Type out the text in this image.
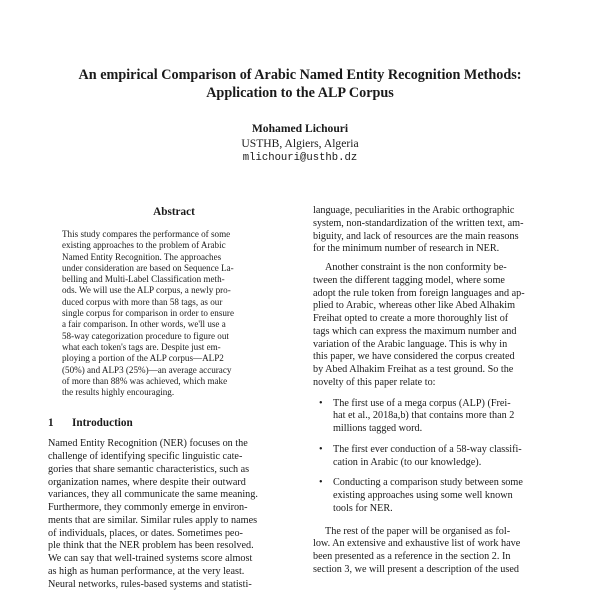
An empirical Comparison of Arabic Named Entity Recognition Methods:
Application to the ALP Corpus
Mohamed Lichouri
USTHB, Algiers, Algeria
mlichouri@usthb.dz
Abstract
This study compares the performance of some
existing approaches to the problem of Arabic
Named Entity Recognition. The approaches
under consideration are based on Sequence La-
belling and Multi-Label Classification meth-
ods. We will use the ALP corpus, a newly pro-
duced corpus with more than 58 tags, as our
single corpus for comparison in order to ensure
a fair comparison. In other words, we'll use a
58-way categorization procedure to figure out
what each token's tags are. Despite just em-
ploying a portion of the ALP corpus—ALP2
(50%) and ALP3 (25%)—an average accuracy
of more than 88% was achieved, which make
the results highly encouraging.
1 Introduction
Named Entity Recognition (NER) focuses on the
challenge of identifying specific linguistic cate-
gories that share semantic characteristics, such as
organization names, where despite their outward
variances, they all communicate the same meaning.
Furthermore, they commonly emerge in environ-
ments that are similar. Similar rules apply to names
of individuals, places, or dates. Sometimes peo-
ple think that the NER problem has been resolved.
We can say that well-trained systems score almost
as high as human performance, at the very least.
Neural networks, rules-based systems and statisti-
language, peculiarities in the Arabic orthographic
system, non-standardization of the written text, am-
biguity, and lack of resources are the main reasons
for the minimum number of research in NER.
Another constraint is the non conformity be-
tween the different tagging model, where some
adopt the rule token from foreign languages and ap-
plied to Arabic, whereas other like Abed Alhakim
Freihat opted to create a more thoroughly list of
tags which can express the maximum number and
variation of the Arabic language. This is why in
this paper, we have considered the corpus created
by Abed Alhakim Freihat as a test ground. So the
novelty of this paper relate to:
• The first use of a mega corpus (ALP) (Frei-
hat et al., 2018a,b) that contains more than 2
millions tagged word.
• The first ever conduction of a 58-way classifi-
cation in Arabic (to our knowledge).
• Conducting a comparison study between some
existing approaches using some well known
tools for NER.
The rest of the paper will be organised as fol-
low. An extensive and exhaustive list of work have
been presented as a reference in the section 2. In
section 3, we will present a description of the used
